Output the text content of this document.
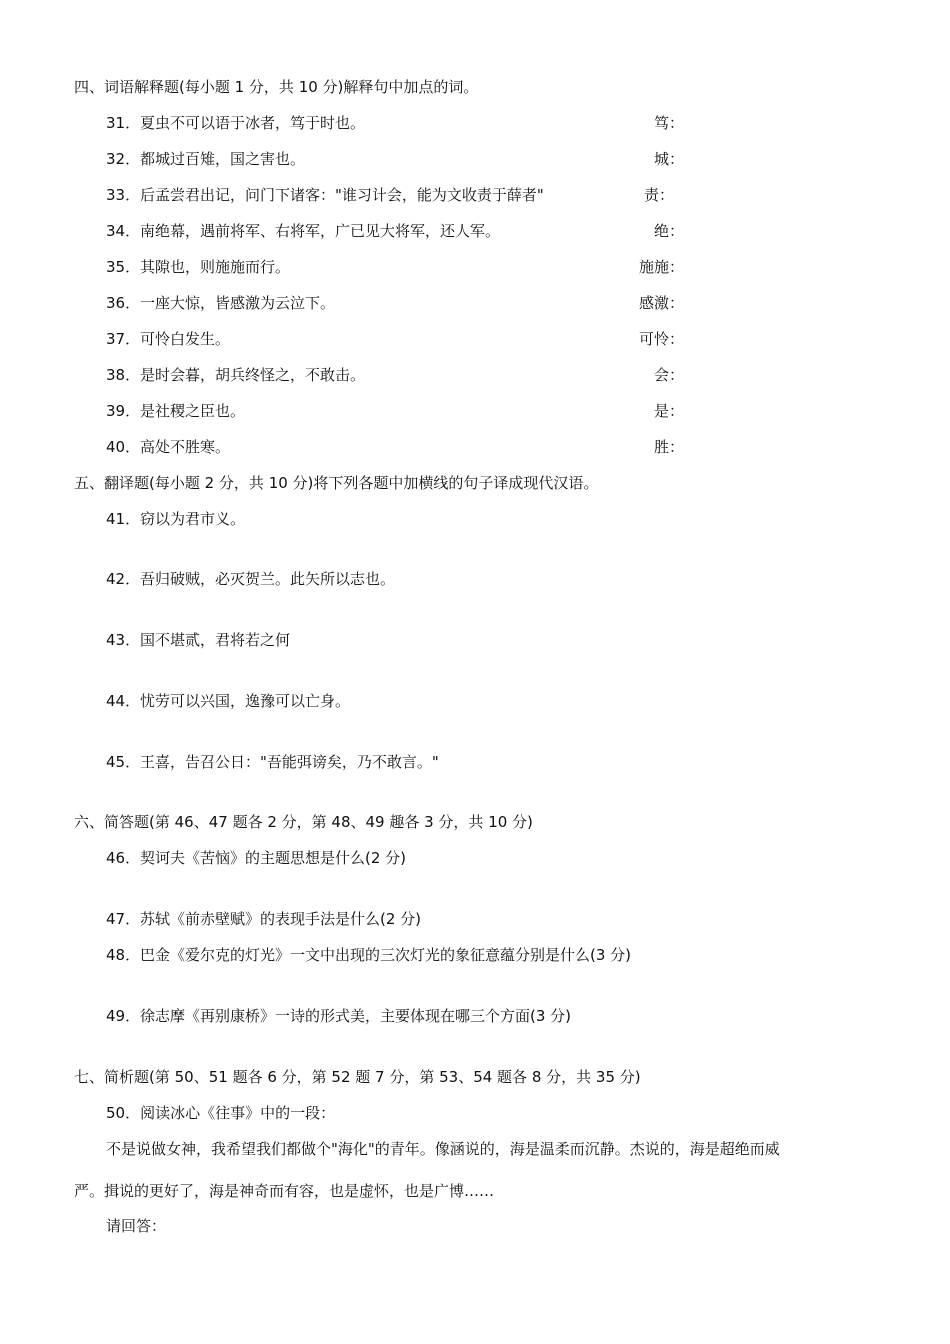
四、词语解释题(每小题 1 分，共 10 分)解释句中加点的词。
31．夏虫不可以语于冰者，笃于时也。	笃：
32．都城过百雉，国之害也。	城：
33．后孟尝君出记，问门下诸客："谁习计会，能为文收责于薛者"	责：
34．南绝幕，遇前将军、右将军，广已见大将军，还人军。	绝：
35．其隙也，则施施而行。	施施：
36．一座大惊，皆感激为云泣下。	感激：
37．可怜白发生。	可怜：
38．是时会暮，胡兵终怪之，不敢击。	会：
39．是社稷之臣也。	是：
40．高处不胜寒。	胜：
五、翻译题(每小题 2 分，共 10 分)将下列各题中加横线的句子译成现代汉语。
41．窃以为君市义。
42．吾归破贼，必灭贺兰。此矢所以志也。
43．国不堪贰，君将若之何
44．忧劳可以兴国，逸豫可以亡身。
45．王喜，告召公日："吾能弭谤矣，乃不敢言。"
六、简答题(第 46、47 题各 2 分，第 48、49 趣各 3 分，共 10 分)
46．契诃夫《苦恼》的主题思想是什么(2 分)
47．苏轼《前赤壁赋》的表现手法是什么(2 分)
48．巴金《爱尔克的灯光》一文中出现的三次灯光的象征意蕴分别是什么(3 分)
49．徐志摩《再别康桥》一诗的形式美，主要体现在哪三个方面(3 分)
七、简析题(第 50、51 题各 6 分，第 52 题 7 分，第 53、54 题各 8 分，共 35 分)
50．阅读冰心《往事》中的一段：
不是说做女神，我希望我们都做个"海化"的青年。像涵说的，海是温柔而沉静。杰说的，海是超绝而威
严。揖说的更好了，海是神奇而有容，也是虚怀，也是广博……
请回答：
